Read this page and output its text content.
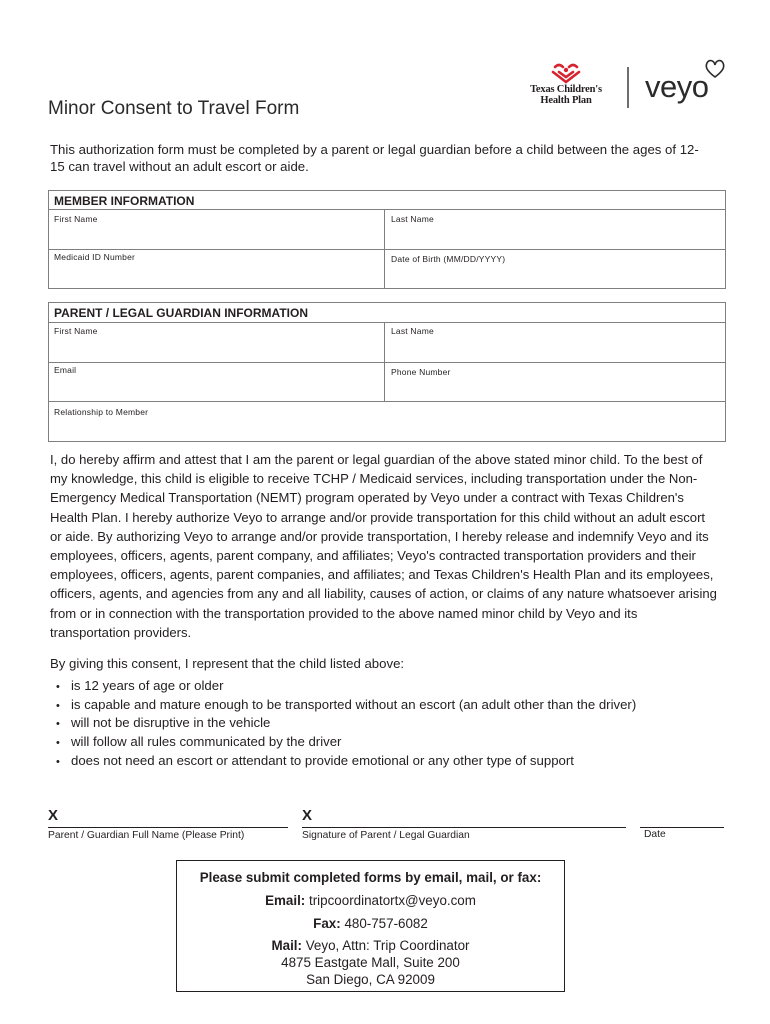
Minor Consent to Travel Form
Texas Children's Health Plan	veyo
This authorization form must be completed by a parent or legal guardian before a child between the ages of 12-15 can travel without an adult escort or aide.
MEMBER INFORMATION
First Name	Last Name
Medicaid ID Number	Date of Birth (MM/DD/YYYY)
PARENT / LEGAL GUARDIAN INFORMATION
First Name	Last Name
Email	Phone Number
Relationship to Member
I, do hereby affirm and attest that I am the parent or legal guardian of the above stated minor child. To the best of my knowledge, this child is eligible to receive TCHP / Medicaid services, including transportation under the Non-Emergency Medical Transportation (NEMT) program operated by Veyo under a contract with Texas Children's Health Plan. I hereby authorize Veyo to arrange and/or provide transportation for this child without an adult escort or aide. By authorizing Veyo to arrange and/or provide transportation, I hereby release and indemnify Veyo and its employees, officers, agents, parent company, and affiliates; Veyo's contracted transportation providers and their employees, officers, agents, parent companies, and affiliates; and Texas Children's Health Plan and its employees, officers, agents, and agencies from any and all liability, causes of action, or claims of any nature whatsoever arising from or in connection with the transportation provided to the above named minor child by Veyo and its transportation providers.
By giving this consent, I represent that the child listed above:
• is 12 years of age or older
• is capable and mature enough to be transported without an escort (an adult other than the driver)
• will not be disruptive in the vehicle
• will follow all rules communicated by the driver
• does not need an escort or attendant to provide emotional or any other type of support
X
Parent / Guardian Full Name (Please Print)
X
Signature of Parent / Legal Guardian	Date
Please submit completed forms by email, mail, or fax:
Email: tripcoordinatortx@veyo.com
Fax: 480-757-6082
Mail: Veyo, Attn: Trip Coordinator
4875 Eastgate Mall, Suite 200
San Diego, CA 92009
